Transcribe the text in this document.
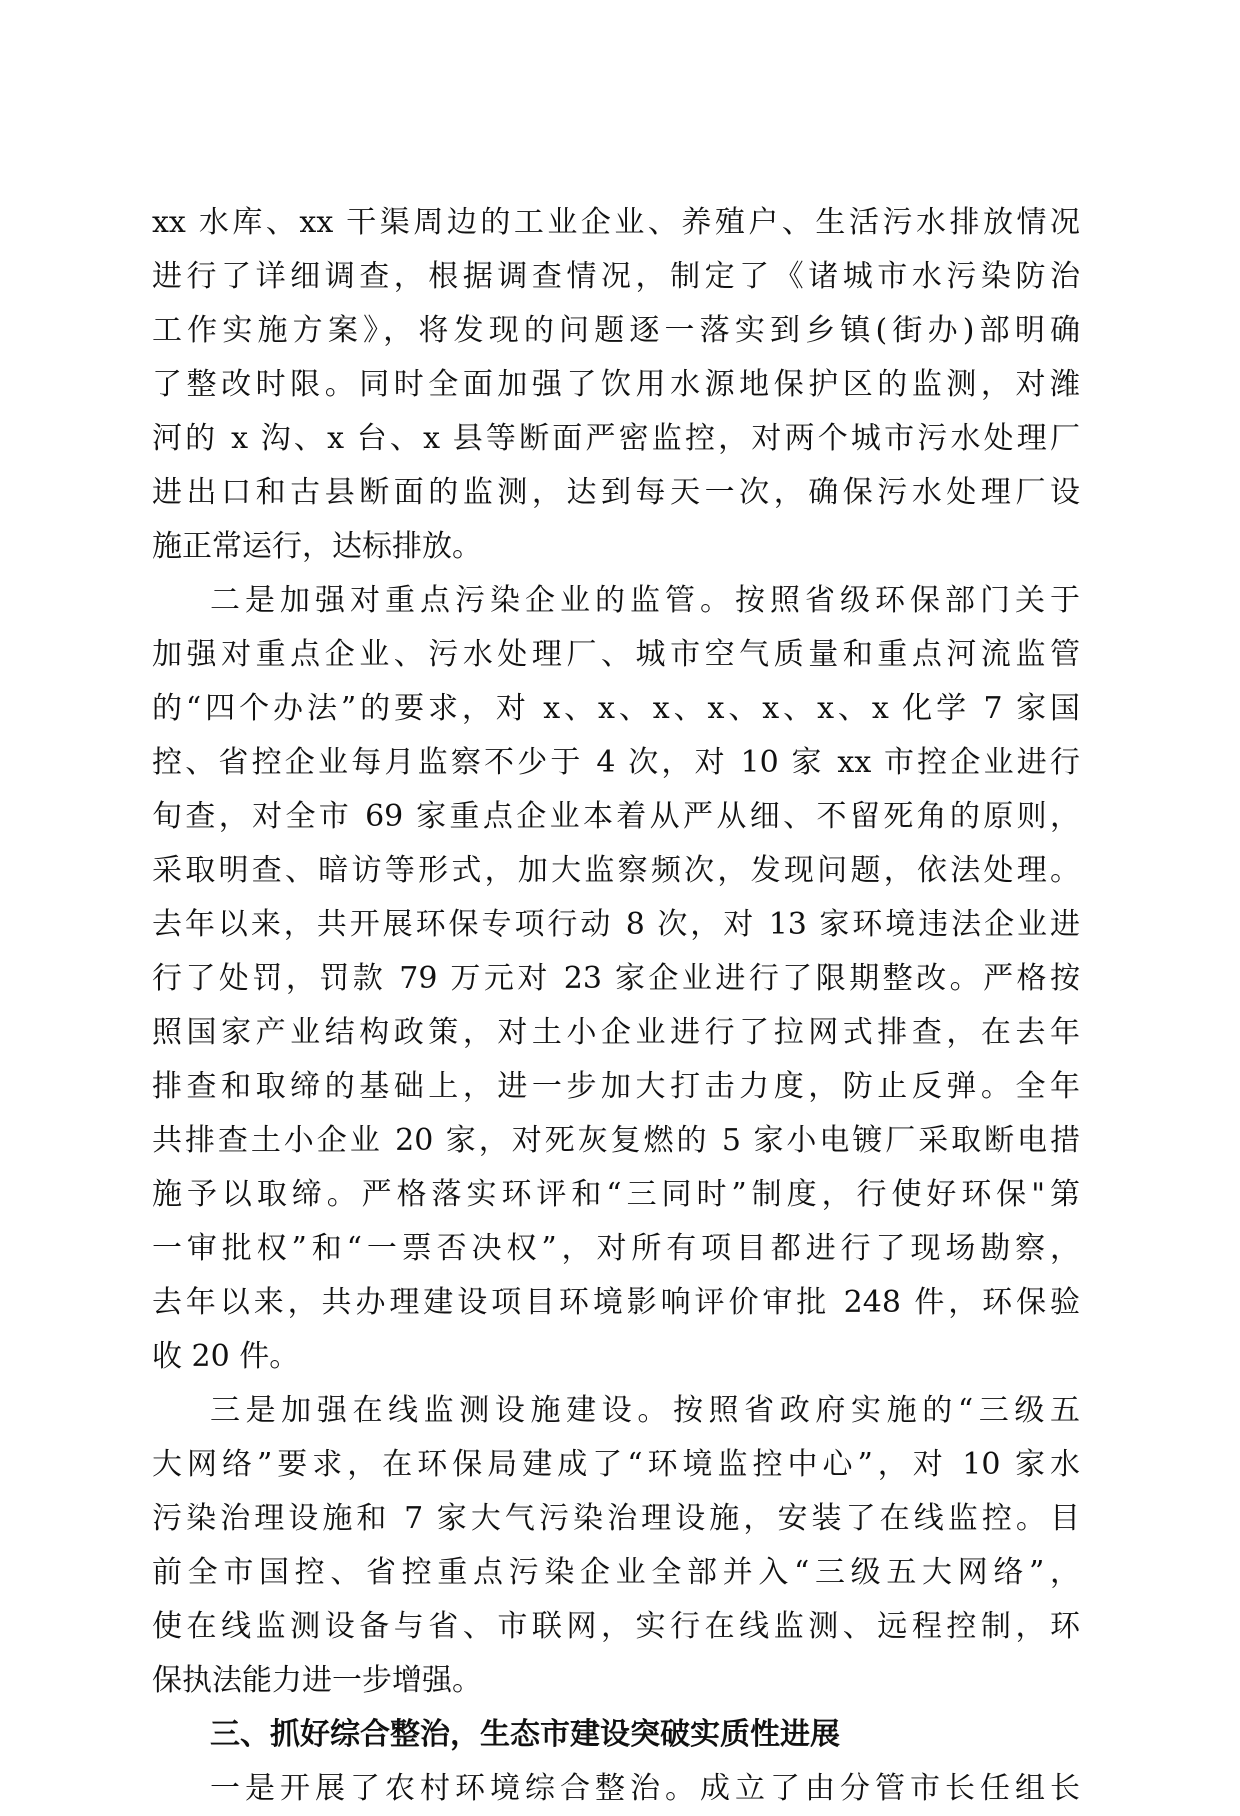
xx 水库、xx 干渠周边的工业企业、养殖户、生活污水排放情况
进行了详细调查，根据调查情况，制定了《诸城市水污染防治
工作实施方案》，将发现的问题逐一落实到乡镇(街办)部明确
了整改时限。同时全面加强了饮用水源地保护区的监测，对潍
河的 x 沟、x 台、x 县等断面严密监控，对两个城市污水处理厂
进出口和古县断面的监测，达到每天一次，确保污水处理厂设
施正常运行，达标排放。
二是加强对重点污染企业的监管。按照省级环保部门关于
加强对重点企业、污水处理厂、城市空气质量和重点河流监管
的“四个办法”的要求，对 x、x、x、x、x、x、x 化学 7 家国
控、省控企业每月监察不少于 4 次，对 10 家 xx 市控企业进行
旬查，对全市 69 家重点企业本着从严从细、不留死角的原则，
采取明查、暗访等形式，加大监察频次，发现问题，依法处理。
去年以来，共开展环保专项行动 8 次，对 13 家环境违法企业进
行了处罚，罚款 79 万元对 23 家企业进行了限期整改。严格按
照国家产业结构政策，对土小企业进行了拉网式排查，在去年
排查和取缔的基础上，进一步加大打击力度，防止反弹。全年
共排查土小企业 20 家，对死灰复燃的 5 家小电镀厂采取断电措
施予以取缔。严格落实环评和“三同时”制度，行使好环保"第
一审批权”和“一票否决权”，对所有项目都进行了现场勘察，
去年以来，共办理建设项目环境影响评价审批 248 件，环保验
收 20 件。
三是加强在线监测设施建设。按照省政府实施的“三级五
大网络”要求，在环保局建成了“环境监控中心”，对 10 家水
污染治理设施和 7 家大气污染治理设施，安装了在线监控。目
前全市国控、省控重点污染企业全部并入“三级五大网络”，
使在线监测设备与省、市联网，实行在线监测、远程控制，环
保执法能力进一步增强。
三、抓好综合整治，生态市建设突破实质性进展
一是开展了农村环境综合整治。成立了由分管市长任组长
